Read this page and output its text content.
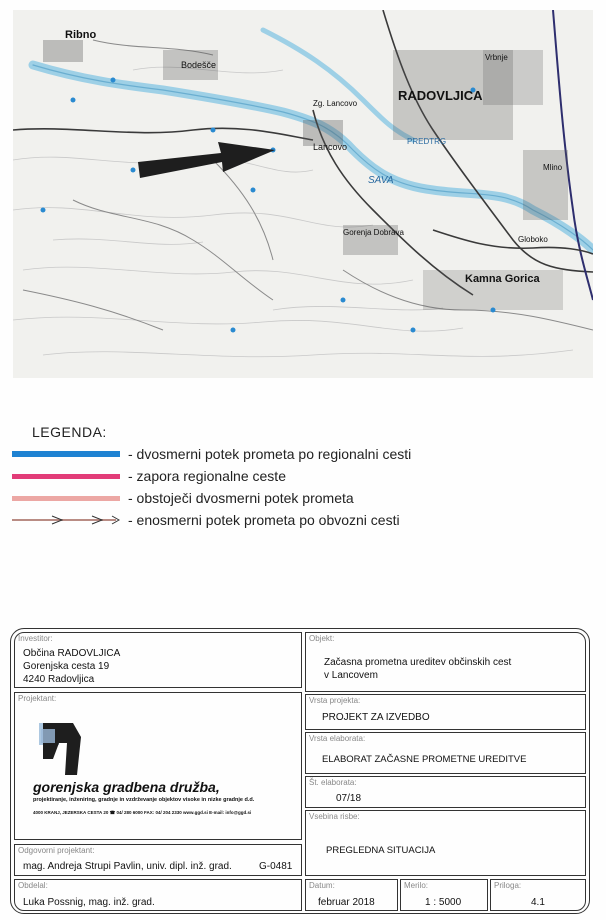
Ribno
Bodešče
Zg. Lancovo
Lancovo
RADOVLJICA
Vrbnje
PREDTRG
SAVA
Gorenja Dobrava
Kamna Gorica
Globoko
Mlino
LEGENDA:
- dvosmerni potek prometa po regionalni cesti
- zapora regionalne ceste
- obstoječi dvosmerni potek prometa
- enosmerni potek prometa po obvozni cesti
Investitor:
Občina RADOVLJICA
Gorenjska cesta 19
4240 Radovljica
Objekt:
Začasna prometna ureditev občinskih cest
v Lancovem
Projektant:
gorenjska gradbena družba,
projektiranje, inženiring, gradnje in vzdrževanje objektov visoke in nizke gradnje d.d.
4000 KRANJ, JEZERSKA CESTA 20 ☎ 04/ 280 6000 FAX: 04/ 204 2330 www.ggd.si E-mail: info@ggd.si
Vrsta projekta:
PROJEKT ZA IZVEDBO
Vrsta elaborata:
ELABORAT ZAČASNE PROMETNE UREDITVE
Št. elaborata:
07/18
Vsebina risbe:
PREGLEDNA SITUACIJA
Odgovorni projektant:
mag. Andreja Strupi Pavlin, univ. dipl. inž. grad.	G-0481
Obdelal:
Luka Possnig, mag. inž. grad.
Datum:
februar 2018
Merilo:
1 : 5000
Priloga:
4.1
